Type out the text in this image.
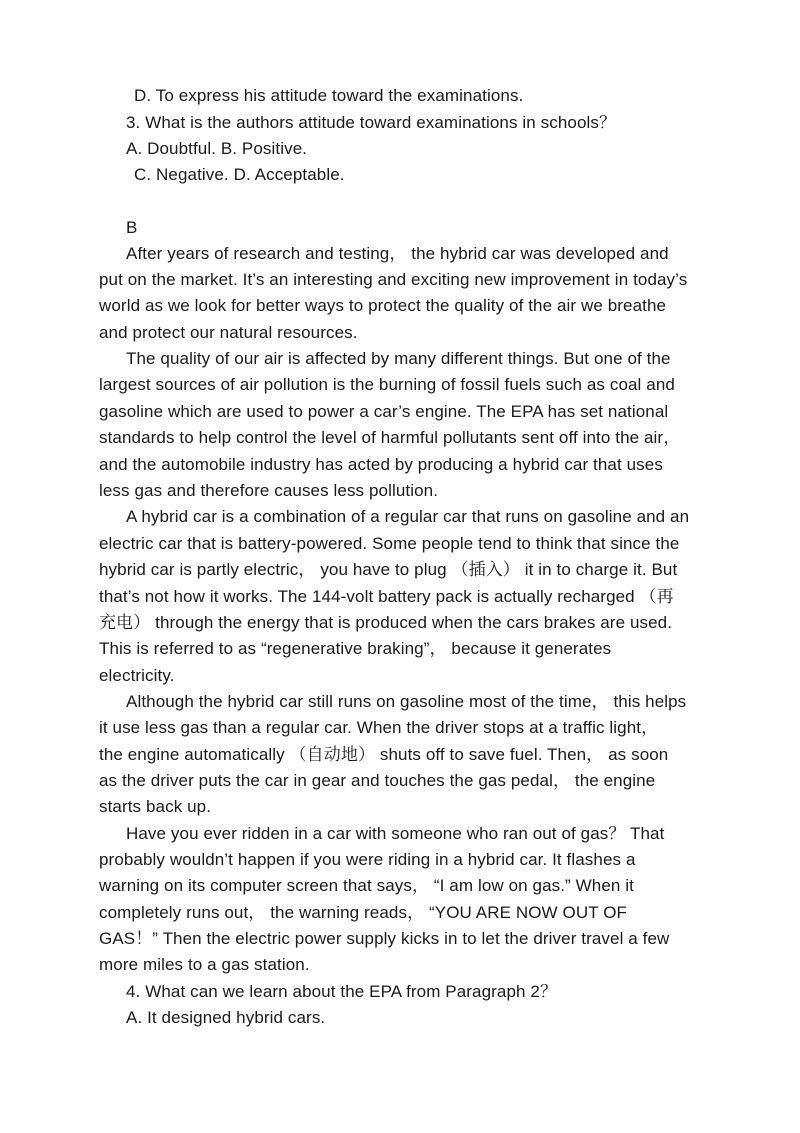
D. To express his attitude toward the examinations.
3. What is the authors attitude toward examinations in schools？
A. Doubtful. B. Positive.
C. Negative. D. Acceptable.
B
After years of research and testing， the hybrid car was developed and
put on the market. It’s an interesting and exciting new improvement in today’s
world as we look for better ways to protect the quality of the air we breathe
and protect our natural resources.
The quality of our air is affected by many different things. But one of the
largest sources of air pollution is the burning of fossil fuels such as coal and
gasoline which are used to power a car’s engine. The EPA has set national
standards to help control the level of harmful pollutants sent off into the air，
and the automobile industry has acted by producing a hybrid car that uses
less gas and therefore causes less pollution.
A hybrid car is a combination of a regular car that runs on gasoline and an
electric car that is battery-powered. Some people tend to think that since the
hybrid car is partly electric， you have to plug （插入） it in to charge it. But
that’s not how it works. The 144-volt battery pack is actually recharged （再
充电） through the energy that is produced when the cars brakes are used.
This is referred to as “regenerative braking”， because it generates
electricity.
Although the hybrid car still runs on gasoline most of the time， this helps
it use less gas than a regular car. When the driver stops at a traffic light，
the engine automatically （自动地） shuts off to save fuel. Then， as soon
as the driver puts the car in gear and touches the gas pedal， the engine
starts back up.
Have you ever ridden in a car with someone who ran out of gas？ That
probably wouldn’t happen if you were riding in a hybrid car. It flashes a
warning on its computer screen that says， “I am low on gas.” When it
completely runs out， the warning reads， “YOU ARE NOW OUT OF
GAS！” Then the electric power supply kicks in to let the driver travel a few
more miles to a gas station.
4. What can we learn about the EPA from Paragraph 2？
A. It designed hybrid cars.
